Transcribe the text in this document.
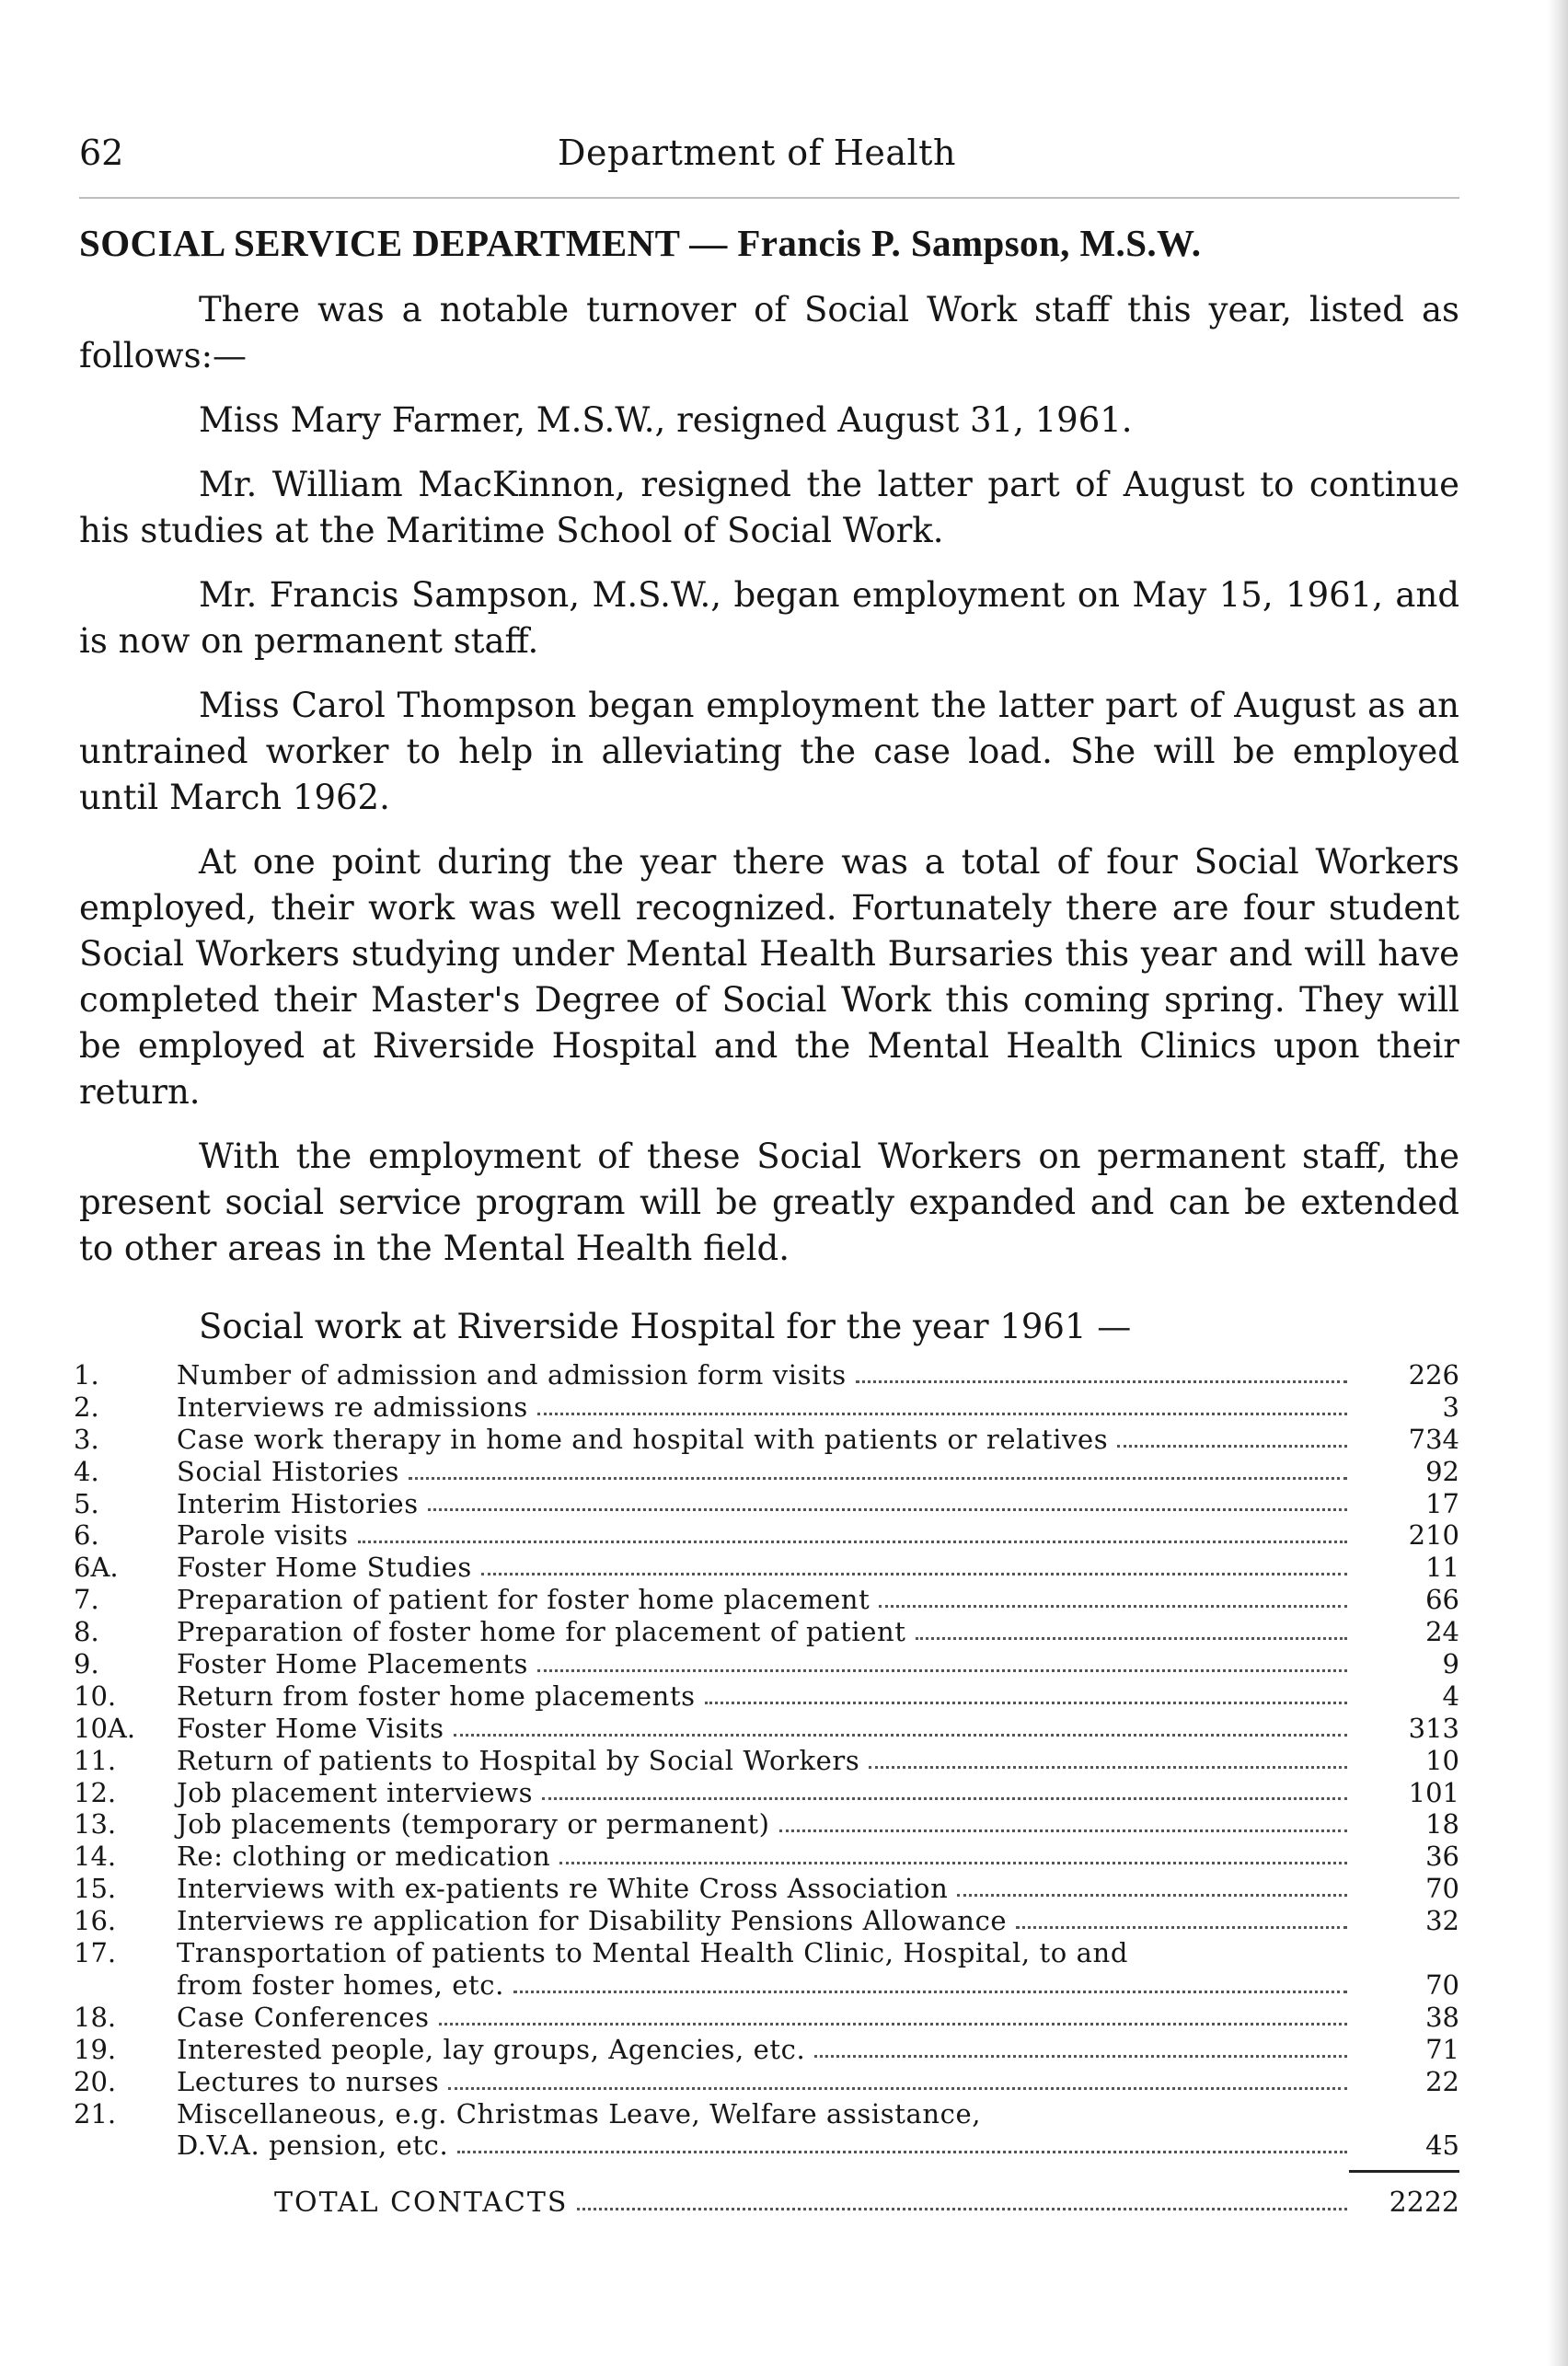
62	Department of Health
SOCIAL SERVICE DEPARTMENT — Francis P. Sampson, M.S.W.

There was a notable turnover of Social Work staff this year, listed as follows:—

Miss Mary Farmer, M.S.W., resigned August 31, 1961.

Mr. William MacKinnon, resigned the latter part of August to continue his studies at the Maritime School of Social Work.

Mr. Francis Sampson, M.S.W., began employment on May 15, 1961, and is now on permanent staff.

Miss Carol Thompson began employment the latter part of August as an untrained worker to help in alleviating the case load. She will be employed until March 1962.

At one point during the year there was a total of four Social Workers employed, their work was well recognized. Fortunately there are four student Social Workers studying under Mental Health Bursaries this year and will have completed their Master's Degree of Social Work this coming spring. They will be employed at Riverside Hospital and the Mental Health Clinics upon their return.

With the employment of these Social Workers on permanent staff, the present social service program will be greatly expanded and can be extended to other areas in the Mental Health field.

Social work at Riverside Hospital for the year 1961 —
1.	Number of admission and admission form visits	226
2.	Interviews re admissions	3
3.	Case work therapy in home and hospital with patients or relatives	734
4.	Social Histories	92
5.	Interim Histories	17
6.	Parole visits	210
6A.	Foster Home Studies	11
7.	Preparation of patient for foster home placement	66
8.	Preparation of foster home for placement of patient	24
9.	Foster Home Placements	9
10.	Return from foster home placements	4
10A.	Foster Home Visits	313
11.	Return of patients to Hospital by Social Workers	10
12.	Job placement interviews	101
13.	Job placements (temporary or permanent)	18
14.	Re: clothing or medication	36
15.	Interviews with ex-patients re White Cross Association	70
16.	Interviews re application for Disability Pensions Allowance	32
17.	Transportation of patients to Mental Health Clinic, Hospital, to and
from foster homes, etc.	70
18.	Case Conferences	38
19.	Interested people, lay groups, Agencies, etc.	71
20.	Lectures to nurses	22
21.	Miscellaneous, e.g. Christmas Leave, Welfare assistance,
D.V.A. pension, etc.	45
TOTAL CONTACTS	2222
